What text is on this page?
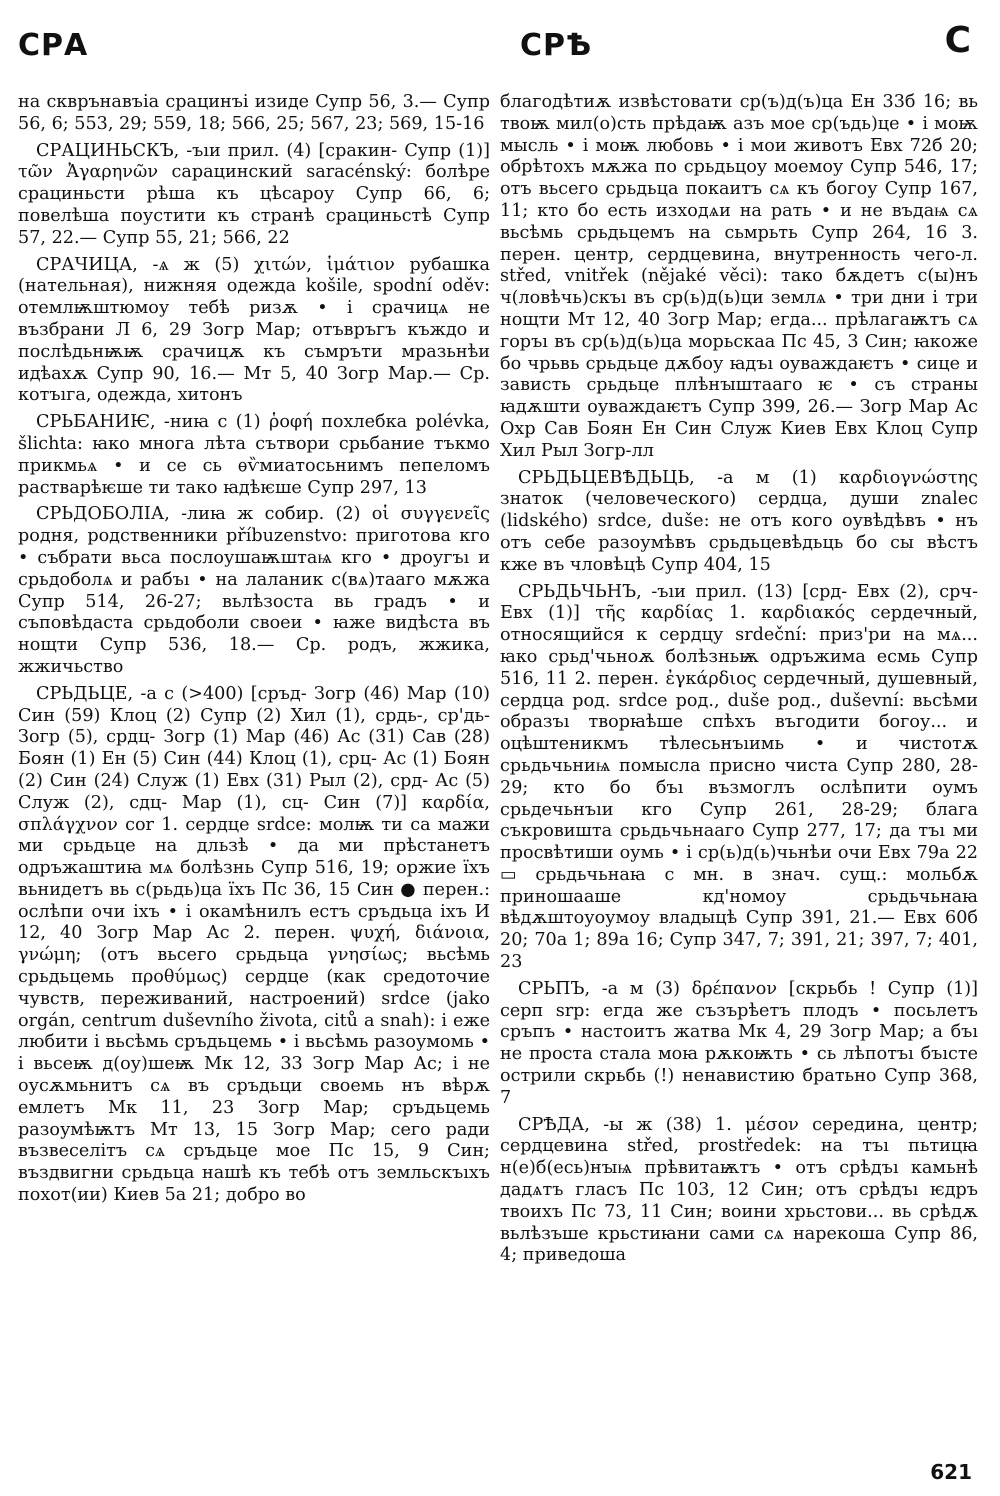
СРА	СРѢ	С

на скврънавъіа срацинъі изиде Супр 56, 3.— Супр 56, 6; 553, 29; 559, 18; 566, 25; 567, 23; 569, 15-16

СРАЦИНЬСКЪ, -ъıи прил. (4) [сракин- Супр (1)] τῶν Ἀγαρηνῶν сарацинский saracénský: болѣре срациньсти рѣша къ цѣсароу Супр 66, 6; повелѣша поустити къ странѣ срациньстѣ Супр 57, 22.— Супр 55, 21; 566, 22

СРАЧИЦА, -ѧ ж (5) χιτών, ἱμάτιον рубашка (нательная), нижняя одежда košile, spodní oděv: отемлѭштюмоу тебѣ ризѫ • і срачицѧ не възбрани Л 6, 29 Зогр Мар; отъвръгъ къждо и послѣдьнѭѭ срачицѫ къ съмръти мразьнѣи идѣахѫ Супр 90, 16.— Мт 5, 40 Зогр Мар.— Ср. котъıга, одежда, хитонъ

СРЬБАНИѤ, -ниꙗ с (1) ῥοφή похлебка polévka, šlichta: ꙗко многа лѣта сътвори срьбание тъкмо прикмьѧ • и се сь ѳѷмиатосьнимъ пепеломъ растварѣѥше ти тако ꙗдѣѥше Супр 297, 13

СРЬДОБОЛІА, -лиꙗ ж собир. (2) οἱ συγγενεῖς родня, родственники příbuzenstvo: приготова кго • събрати вьса послоушаѭштаѩ кго • дроугъı и срьдоболѧ и рабъı • на лаланик с(вѧ)таагo мѫжа Супр 514, 26-27; вьлѣзоста вь градъ • и съповѣдаста срьдоболи своеи • ꙗже видѣста въ нощти Супр 536, 18.— Ср. родъ, жжика, жжичьство

СРЬДЬЦЕ, -а с (>400) [сръд- Зогр (46) Мар (10) Син (59) Клоц (2) Супр (2) Хил (1), срдь-, ср'дь- Зогр (5), срдц- Зогр (1) Мар (46) Ас (31) Сав (28) Боян (1) Ен (5) Син (44) Клоц (1), срц- Ас (1) Боян (2) Син (24) Служ (1) Евх (31) Рыл (2), срд- Ас (5) Служ (2), сдц- Мар (1), сц- Син (7)] καρδία, σπλάγχνον cor 1. сердце srdce: молѭ ти са мажи ми срьдьце на дльзѣ • да ми прѣстанетъ одръжаштиꙗ мѧ болѣзнь Супр 516, 19; оржие їхъ вьнидетъ вь с(рьдь)ца їхъ Пс 36, 15 Син ● перен.: ослѣпи очи іхъ • і окамѣнилъ естъ сръдьца іхъ И 12, 40 Зогр Мар Ас 2. перен. ψυχή, διάνοια, γνώμη; (отъ вьсего срьдьца γνησίως; вьсѣмь срьдьцемь προθύμως) сердце (как средоточие чувств, переживаний, настроений) srdce (jako orgán, centrum duševního života, citů a snah): і еже любити і вьсѣмь сръдьцемь • і вьсѣмь разоумомь • і вьсеѭ д(оу)шеѭ Мк 12, 33 Зогр Мар Ас; і не оусѫмьнитъ сѧ въ сръдьци своемь нъ вѣрѫ емлетъ Мк 11, 23 Зогр Мар; сръдьцемь разоумѣѭтъ Мт 13, 15 Зогр Мар; сего ради възвеселітъ сѧ сръдьце мое Пс 15, 9 Син; въздвигни срьдьца нашѣ къ тебѣ отъ земльскъıхъ похот(ии) Киев 5а 21; добро во

благодѣтиѫ извѣстовати ср(ъ)д(ъ)ца Ен 33б 16; вь твоѭ мил(о)сть прѣдаѭ азъ мое ср(ъдь)це • і моѭ мысль • і моѭ любовь • і мои животъ Евх 72б 20; обрѣтохъ мѫжа по срьдьцоу моемоу Супр 546, 17; отъ вьсего срьдьца покаитъ сѧ къ богоу Супр 167, 11; кто бо есть изходѧи на рать • и не въдаѩ сѧ вьсѣмь срьдьцемъ на сьмрьть Супр 264, 16 3. перен. центр, сердцевина, внутренность чего-л. střed, vnitřek (nějaké věci): тако бѫдетъ с(ы)нъ ч(ловѣчь)скъı въ ср(ь)д(ь)ци землѧ • три дни і три нощти Мт 12, 40 Зогр Мар; егда... прѣлагаѭтъ сѧ горъı въ ср(ь)д(ь)ца морьскаа Пс 45, 3 Син; ꙗкоже бо чрьвь срьдьце дѫбоу ꙗдъı оуваждаѥтъ • сице и зависть срьдьце плѣнꙑштааго ѥ • съ страны ꙗдѫшти оуваждаѥтъ Супр 399, 26.— Зогр Мар Ас Охр Сав Боян Ен Син Служ Киев Евх Клоц Супр Хил Рыл Зогр-лл

СРЬДЬЦЕВѢДЬЦЬ, -а м (1) καρδιογνώστης знаток (человеческого) сердца, души znalec (lidského) srdce, duše: не отъ кого оувѣдѣвъ • нъ отъ себе разоумѣвъ срьдьцевѣдьць бо сы вѣстъ кже въ чловѣцѣ Супр 404, 15

СРЬДЬЧЬНЪ, -ъıи прил. (13) [срд- Евх (2), срч- Евх (1)] τῆς καρδίας 1. καρδιακός сердечный, относящийся к сердцу srdeční: приз'ри на мѧ... ꙗко срьд'чьноѫ болѣзньѭ одръжима есмь Супр 516, 11 2. перен. ἐγκάρδιος сердечный, душевный, сердца род. srdce род., duše род., duševní: вьсѣми образъı творꙗѣше спѣхъ въгодити богоу... и оцѣштеникмъ тѣлесьнъıимь • и чистотѫ срьдьчьниѩ помысла присно чиста Супр 280, 28-29; кто бо бъı възмоглъ ослѣпити оумъ срьдечьнъıи кго Супр 261, 28-29; блага съкровишта срьдьчьнааго Супр 277, 17; да тъı ми просвѣтиши оумь • і ср(ь)д(ь)чьнѣи очи Евх 79а 22 ▭ срьдьчьнаꙗ с мн. в знач. сущ.: мольбѫ приношааше кд'номоу срьдьчьнаꙗ вѣдѫштоуоумоу владыцѣ Супр 391, 21.— Евх 60б 20; 70а 1; 89а 16; Супр 347, 7; 391, 21; 397, 7; 401, 23

СРЬПЪ, -а м (3) δρέπανον [скрьбь ! Супр (1)] серп srp: егда же съзърѣетъ плодъ • посьлетъ сръпъ • настоитъ жатва Мк 4, 29 Зогр Мар; а бъı не проста стала моꙗ рѫкоѭть • сь лѣпотъı бъıсте острили скрьбь (!) ненавистию братьно Супр 368, 7

СРѢДА, -ы ж (38) 1. μέσον середина, центр; сердцевина střed, prostředek: на тъı пьтицꙗ н(е)б(есь)нꙑѩ прѣвитаѭтъ • отъ срѣдъı камьнѣ дадѧтъ гласъ Пс 103, 12 Син; отъ срѣдъı ѥдръ твоихъ Пс 73, 11 Син; воини хрьстови... вь срѣдѫ вьлѣзъше крьстиꙗни сами сѧ нарекоша Супр 86, 4; приведоша

621
